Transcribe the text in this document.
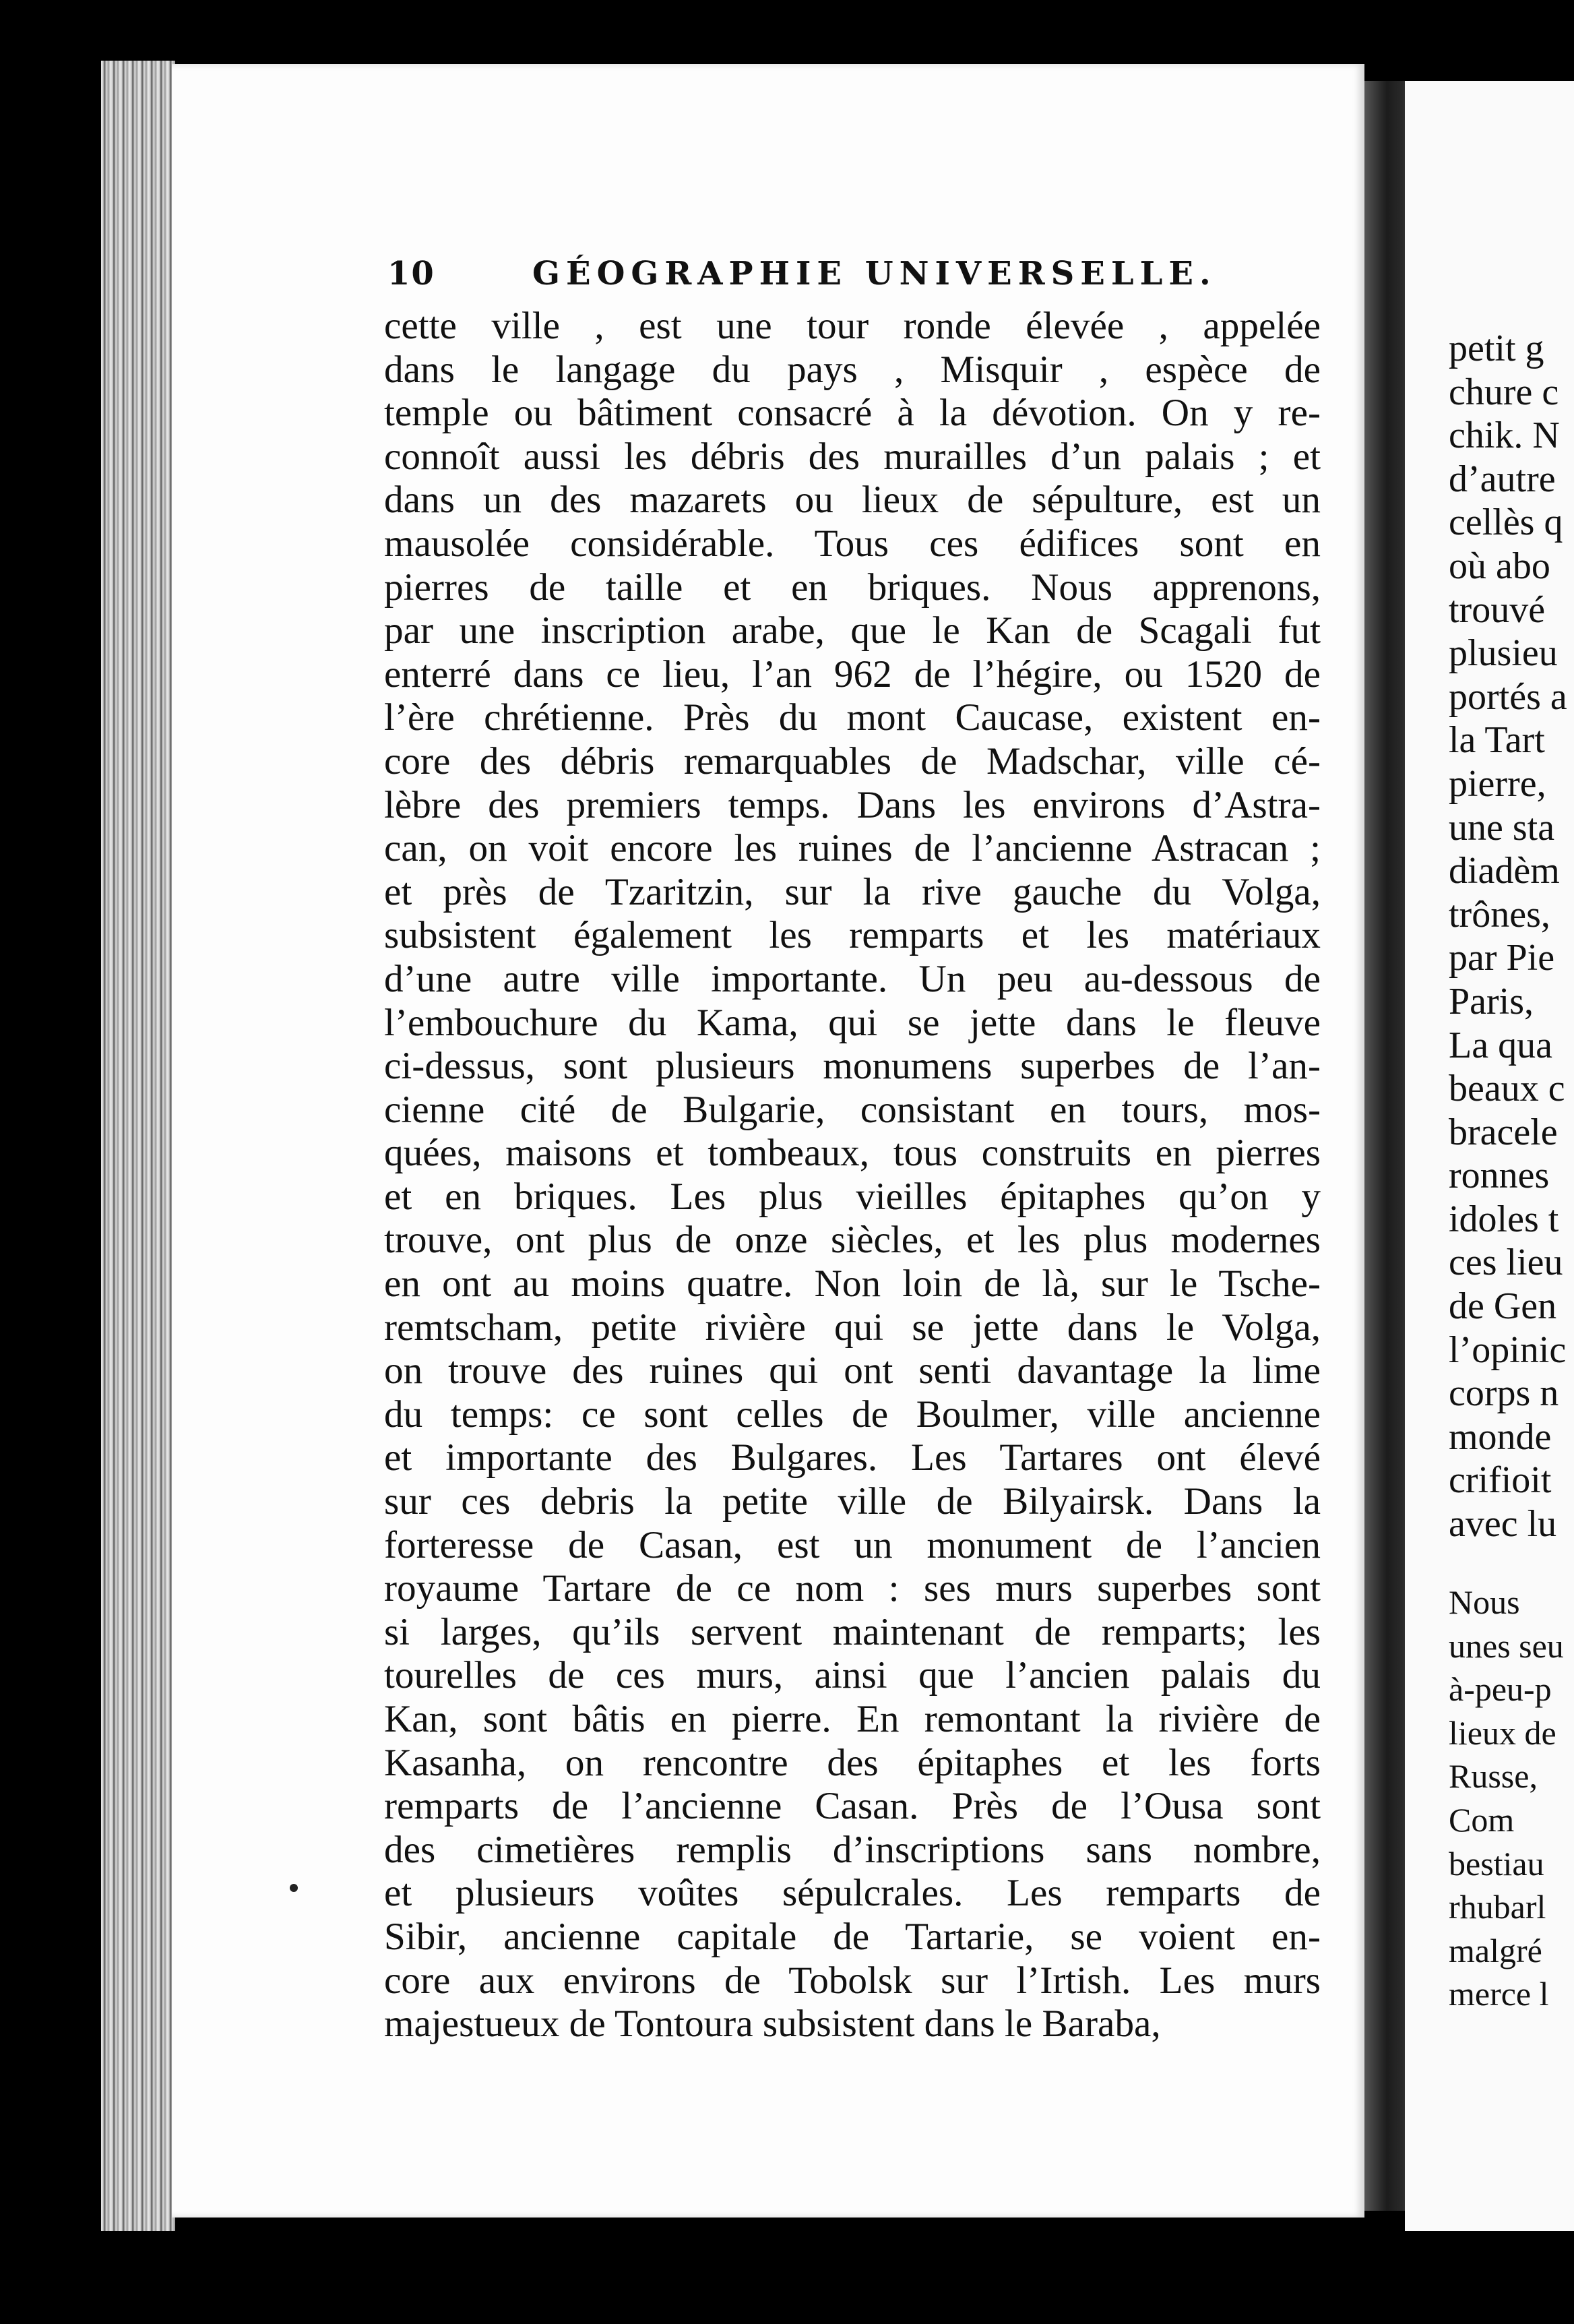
10	GÉOGRAPHIE UNIVERSELLE.
cette ville , est une tour ronde élevée , appelée
dans le langage du pays , Misquir , espèce de
temple ou bâtiment consacré à la dévotion. On y re-
connoît aussi les débris des murailles d’un palais ; et
dans un des mazarets ou lieux de sépulture, est un
mausolée considérable. Tous ces édifices sont en
pierres de taille et en briques. Nous apprenons,
par une inscription arabe, que le Kan de Scagali fut
enterré dans ce lieu, l’an 962 de l’hégire, ou 1520 de
l’ère chrétienne. Près du mont Caucase, existent en-
core des débris remarquables de Madschar, ville cé-
lèbre des premiers temps. Dans les environs d’Astra-
can, on voit encore les ruines de l’ancienne Astracan ;
et près de Tzaritzin, sur la rive gauche du Volga,
subsistent également les remparts et les matériaux
d’une autre ville importante. Un peu au-dessous de
l’embouchure du Kama, qui se jette dans le fleuve
ci-dessus, sont plusieurs monumens superbes de l’an-
cienne cité de Bulgarie, consistant en tours, mos-
quées, maisons et tombeaux, tous construits en pierres
et en briques. Les plus vieilles épitaphes qu’on y
trouve, ont plus de onze siècles, et les plus modernes
en ont au moins quatre. Non loin de là, sur le Tsche-
remtscham, petite rivière qui se jette dans le Volga,
on trouve des ruines qui ont senti davantage la lime
du temps: ce sont celles de Boulmer, ville ancienne
et importante des Bulgares. Les Tartares ont élevé
sur ces debris la petite ville de Bilyairsk. Dans la
forteresse de Casan, est un monument de l’ancien
royaume Tartare de ce nom : ses murs superbes sont
si larges, qu’ils servent maintenant de remparts; les
tourelles de ces murs, ainsi que l’ancien palais du
Kan, sont bâtis en pierre. En remontant la rivière de
Kasanha, on rencontre des épitaphes et les forts
remparts de l’ancienne Casan. Près de l’Ousa sont
des cimetières remplis d’inscriptions sans nombre,
et plusieurs voûtes sépulcrales. Les remparts de
Sibir, ancienne capitale de Tartarie, se voient en-
core aux environs de Tobolsk sur l’Irtish. Les murs
majestueux de Tontoura subsistent dans le Baraba,
petit g
chure c
chik. N
d’autre
cellès q
où abo
trouvé
plusieu
portés a
la Tart
pierre,
une sta
diadèm
trônes,
par Pie
Paris,
La qua
beaux c
bracele
ronnes
idoles t
ces lieu
de Gen
l’opinic
corps n
monde
crifioit
avec lu
Nous
unes seu
à-peu-p
lieux de
Russe,
Com
bestiau
rhubarl
malgré
merce l
